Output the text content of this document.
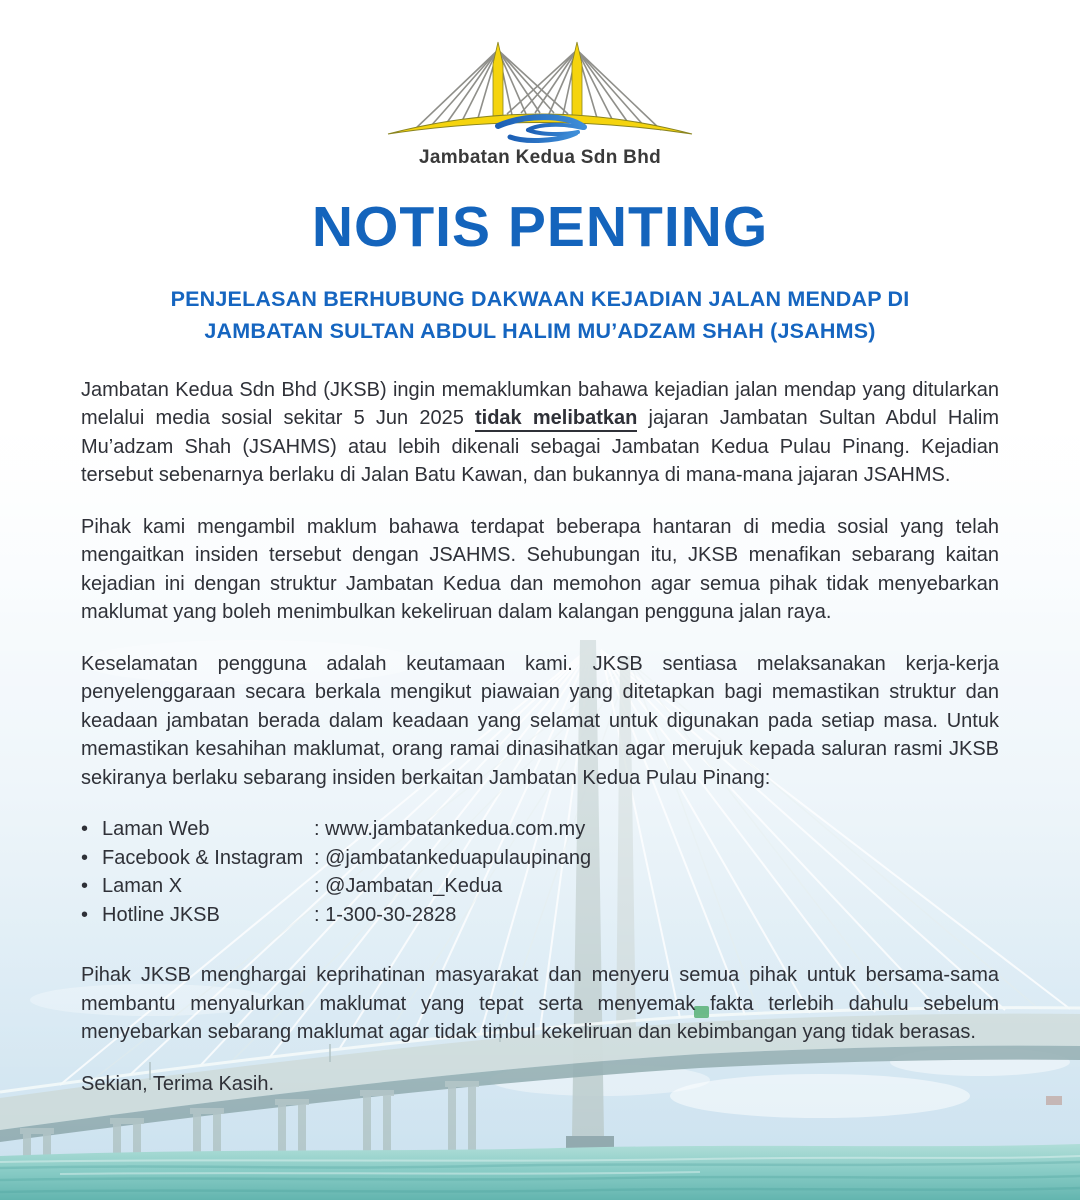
Jambatan Kedua Sdn Bhd
NOTIS PENTING
PENJELASAN BERHUBUNG DAKWAAN KEJADIAN JALAN MENDAP DI
JAMBATAN SULTAN ABDUL HALIM MU’ADZAM SHAH (JSAHMS)

Jambatan Kedua Sdn Bhd (JKSB) ingin memaklumkan bahawa kejadian jalan mendap yang ditularkan melalui media sosial sekitar 5 Jun 2025 tidak melibatkan jajaran Jambatan Sultan Abdul Halim Mu’adzam Shah (JSAHMS) atau lebih dikenali sebagai Jambatan Kedua Pulau Pinang. Kejadian tersebut sebenarnya berlaku di Jalan Batu Kawan, dan bukannya di mana-mana jajaran JSAHMS.

Pihak kami mengambil maklum bahawa terdapat beberapa hantaran di media sosial yang telah mengaitkan insiden tersebut dengan JSAHMS. Sehubungan itu, JKSB menafikan sebarang kaitan kejadian ini dengan struktur Jambatan Kedua dan memohon agar semua pihak tidak menyebarkan maklumat yang boleh menimbulkan kekeliruan dalam kalangan pengguna jalan raya.

Keselamatan pengguna adalah keutamaan kami. JKSB sentiasa melaksanakan kerja-kerja penyelenggaraan secara berkala mengikut piawaian yang ditetapkan bagi memastikan struktur dan keadaan jambatan berada dalam keadaan yang selamat untuk digunakan pada setiap masa. Untuk memastikan kesahihan maklumat, orang ramai dinasihatkan agar merujuk kepada saluran rasmi JKSB sekiranya berlaku sebarang insiden berkaitan Jambatan Kedua Pulau Pinang:

• Laman Web	: www.jambatankedua.com.my
• Facebook & Instagram : @jambatankeduapulaupinang
• Laman X	: @Jambatan_Kedua
• Hotline JKSB	: 1-300-30-2828

Pihak JKSB menghargai keprihatinan masyarakat dan menyeru semua pihak untuk bersama-sama membantu menyalurkan maklumat yang tepat serta menyemak fakta terlebih dahulu sebelum menyebarkan sebarang maklumat agar tidak timbul kekeliruan dan kebimbangan yang tidak berasas.

Sekian, Terima Kasih.
